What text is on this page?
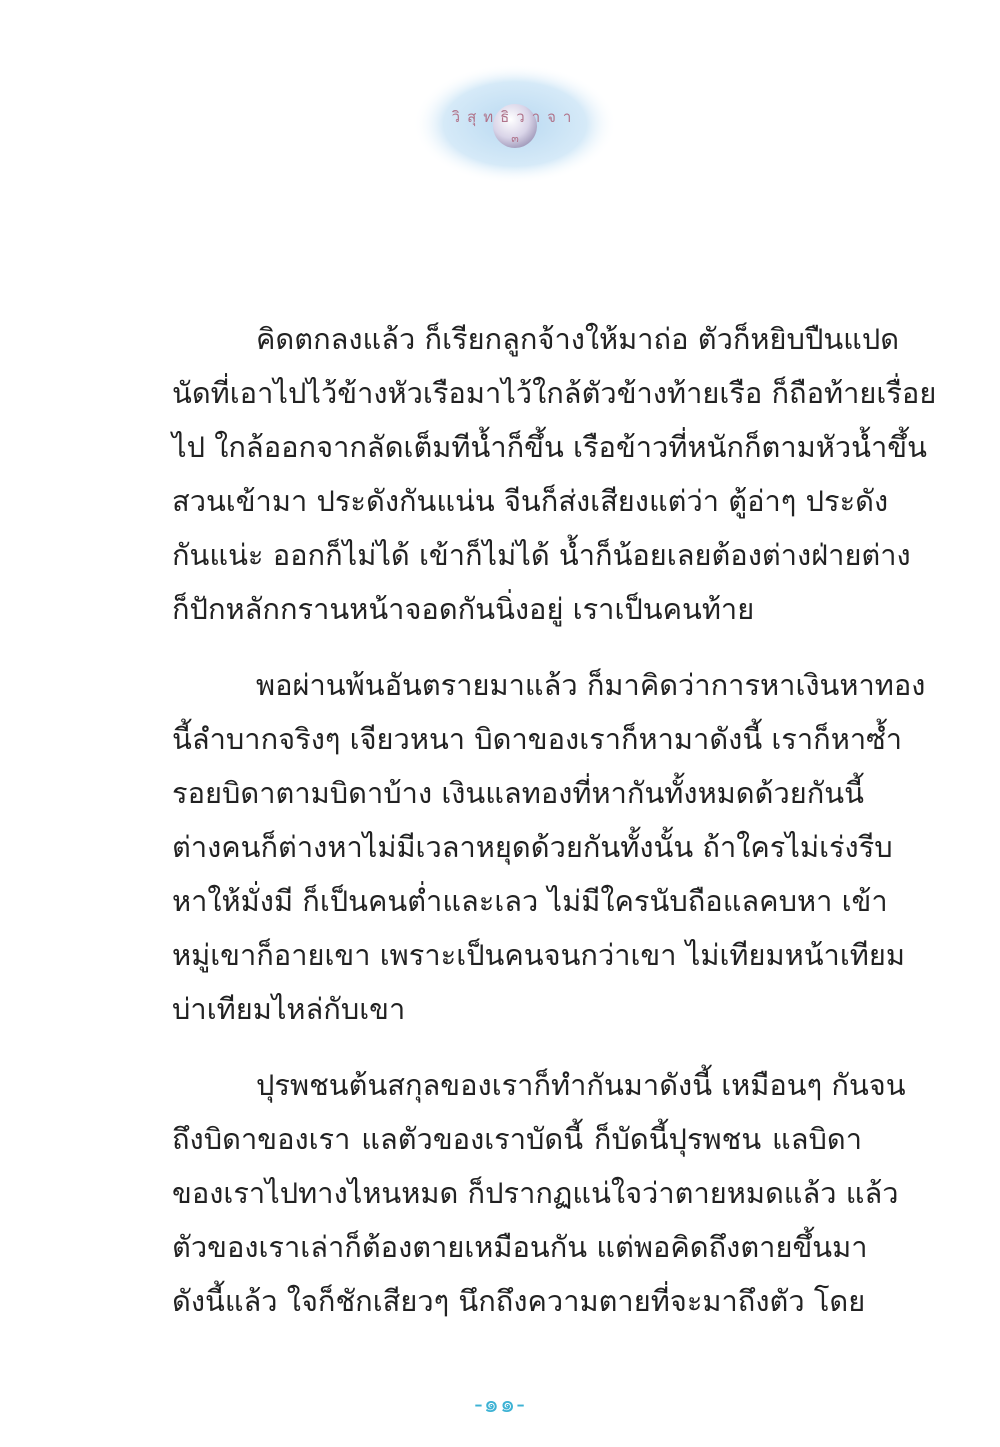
วิสุทธิวาจา
๓
คิดตกลงแล้ว ก็เรียกลูกจ้างให้มาถ่อ ตัวก็หยิบปืนแปด
นัดที่เอาไปไว้ข้างหัวเรือมาไว้ใกล้ตัวข้างท้ายเรือ ก็ถือท้ายเรื่อย
ไป ใกล้ออกจากลัดเต็มทีน้ำก็ขึ้น เรือข้าวที่หนักก็ตามหัวน้ำขึ้น
สวนเข้ามา ประดังกันแน่น จีนก็ส่งเสียงแต่ว่า ตู้อ่าๆ ประดัง
กันแน่ะ ออกก็ไม่ได้ เข้าก็ไม่ได้ น้ำก็น้อยเลยต้องต่างฝ่ายต่าง
ก็ปักหลักกรานหน้าจอดกันนิ่งอยู่ เราเป็นคนท้าย
พอผ่านพ้นอันตรายมาแล้ว ก็มาคิดว่าการหาเงินหาทอง
นี้ลำบากจริงๆ เจียวหนา บิดาของเราก็หามาดังนี้ เราก็หาซ้ำ
รอยบิดาตามบิดาบ้าง เงินแลทองที่หากันทั้งหมดด้วยกันนี้
ต่างคนก็ต่างหาไม่มีเวลาหยุดด้วยกันทั้งนั้น ถ้าใครไม่เร่งรีบ
หาให้มั่งมี ก็เป็นคนต่ำและเลว ไม่มีใครนับถือแลคบหา เข้า
หมู่เขาก็อายเขา เพราะเป็นคนจนกว่าเขา ไม่เทียมหน้าเทียม
บ่าเทียมไหล่กับเขา
ปุรพชนต้นสกุลของเราก็ทำกันมาดังนี้ เหมือนๆ กันจน
ถึงบิดาของเรา แลตัวของเราบัดนี้ ก็บัดนี้ปุรพชน แลบิดา
ของเราไปทางไหนหมด ก็ปรากฏแน่ใจว่าตายหมดแล้ว แล้ว
ตัวของเราเล่าก็ต้องตายเหมือนกัน แต่พอคิดถึงตายขึ้นมา
ดังนี้แล้ว ใจก็ชักเสียวๆ นึกถึงความตายที่จะมาถึงตัว โดย
-๑๑-
